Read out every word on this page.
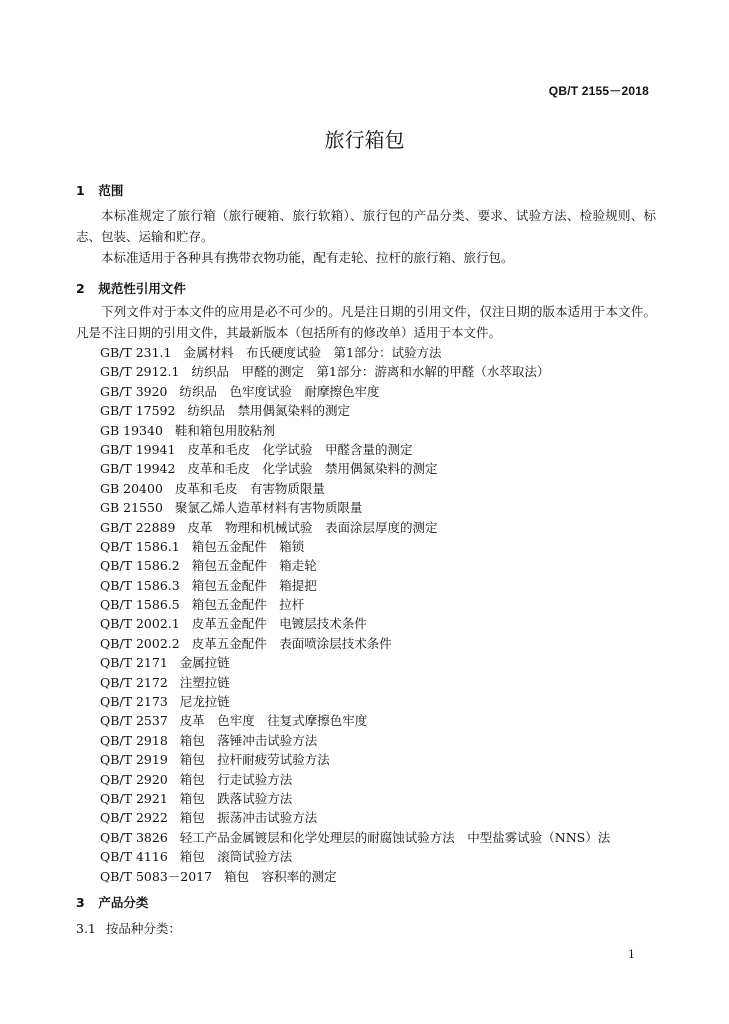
QB/T 2155－2018
旅行箱包
1 范围

本标准规定了旅行箱（旅行硬箱、旅行软箱）、旅行包的产品分类、要求、试验方法、检验规则、标志、包装、运输和贮存。

本标准适用于各种具有携带衣物功能，配有走轮、拉杆的旅行箱、旅行包。

2 规范性引用文件

下列文件对于本文件的应用是必不可少的。凡是注日期的引用文件，仅注日期的版本适用于本文件。凡是不注日期的引用文件，其最新版本（包括所有的修改单）适用于本文件。

GB/T 231.1 金属材料　布氏硬度试验　第1部分：试验方法
GB/T 2912.1 纺织品　甲醛的测定　第1部分：游离和水解的甲醛（水萃取法）
GB/T 3920 纺织品　色牢度试验　耐摩擦色牢度
GB/T 17592 纺织品　禁用偶氮染料的测定
GB 19340 鞋和箱包用胶粘剂
GB/T 19941 皮革和毛皮　化学试验　甲醛含量的测定
GB/T 19942 皮革和毛皮　化学试验　禁用偶氮染料的测定
GB 20400 皮革和毛皮　有害物质限量
GB 21550 聚氯乙烯人造革材料有害物质限量
GB/T 22889 皮革　物理和机械试验　表面涂层厚度的测定
QB/T 1586.1 箱包五金配件　箱锁
QB/T 1586.2 箱包五金配件　箱走轮
QB/T 1586.3 箱包五金配件　箱提把
QB/T 1586.5 箱包五金配件　拉杆
QB/T 2002.1 皮革五金配件　电镀层技术条件
QB/T 2002.2 皮革五金配件　表面喷涂层技术条件
QB/T 2171 金属拉链
QB/T 2172 注塑拉链
QB/T 2173 尼龙拉链
QB/T 2537 皮革　色牢度　往复式摩擦色牢度
QB/T 2918 箱包　落锤冲击试验方法
QB/T 2919 箱包　拉杆耐疲劳试验方法
QB/T 2920 箱包　行走试验方法
QB/T 2921 箱包　跌落试验方法
QB/T 2922 箱包　振荡冲击试验方法
QB/T 3826 轻工产品金属镀层和化学处理层的耐腐蚀试验方法　中型盐雾试验（NNS）法
QB/T 4116 箱包　滚筒试验方法
QB/T 5083－2017 箱包　容积率的测定
3 产品分类
3.1 按品种分类：
1
